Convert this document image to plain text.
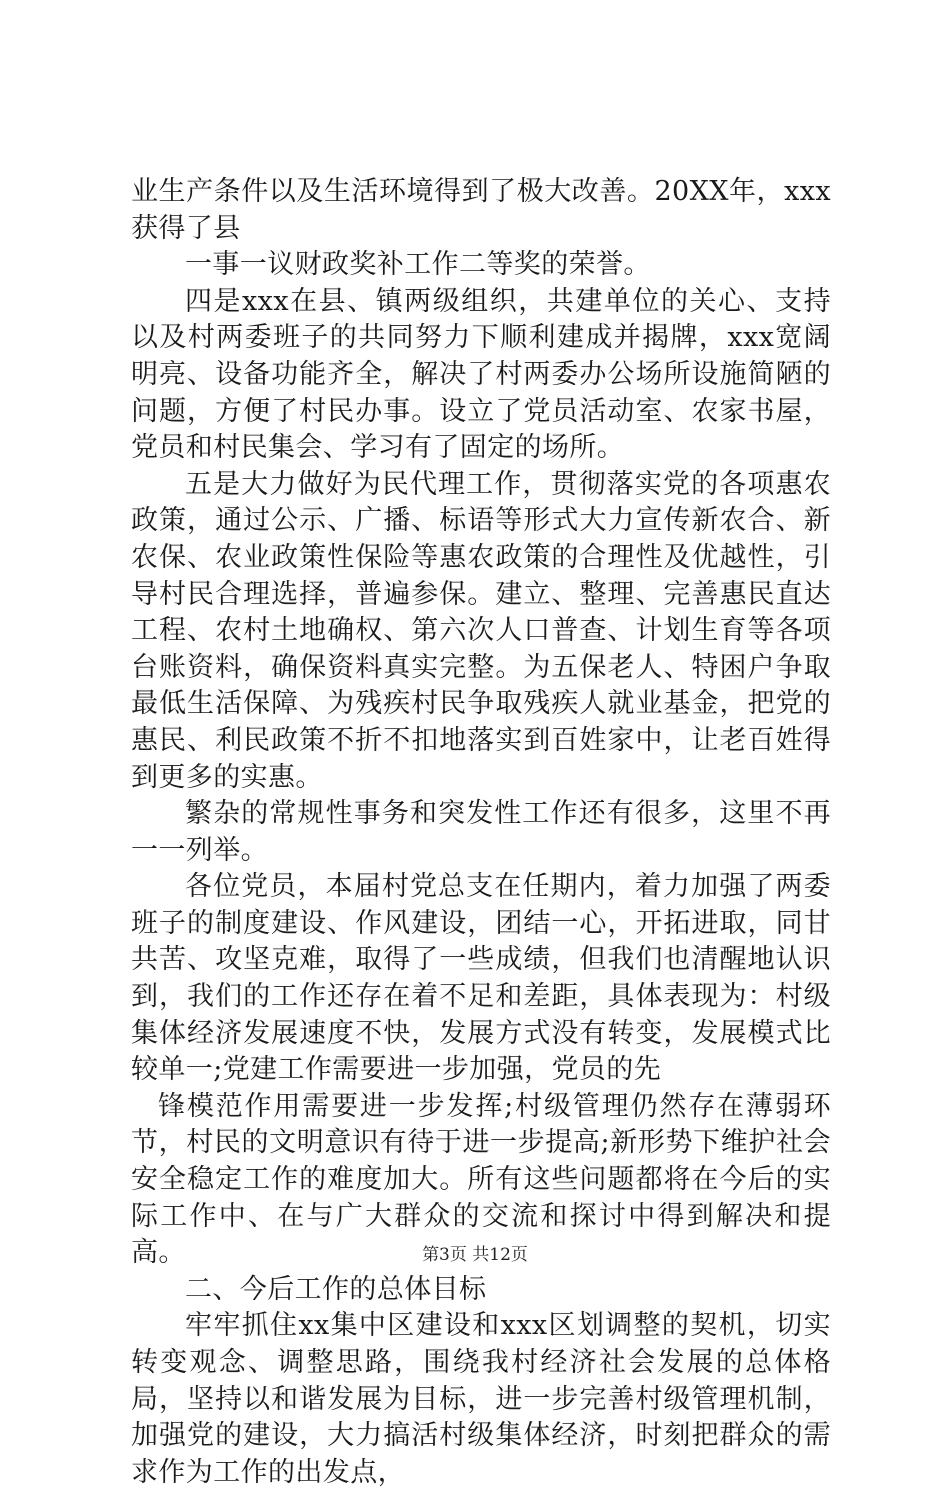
业生产条件以及生活环境得到了极大改善。20XX年，xxx获得了县

一事一议财政奖补工作二等奖的荣誉。

四是xxx在县、镇两级组织，共建单位的关心、支持以及村两委班子的共同努力下顺利建成并揭牌，xxx宽阔明亮、设备功能齐全，解决了村两委办公场所设施简陋的问题，方便了村民办事。设立了党员活动室、农家书屋，党员和村民集会、学习有了固定的场所。

五是大力做好为民代理工作，贯彻落实党的各项惠农政策，通过公示、广播、标语等形式大力宣传新农合、新农保、农业政策性保险等惠农政策的合理性及优越性，引导村民合理选择，普遍参保。建立、整理、完善惠民直达工程、农村土地确权、第六次人口普查、计划生育等各项台账资料，确保资料真实完整。为五保老人、特困户争取最低生活保障、为残疾村民争取残疾人就业基金，把党的惠民、利民政策不折不扣地落实到百姓家中，让老百姓得到更多的实惠。

繁杂的常规性事务和突发性工作还有很多，这里不再一一列举。

各位党员，本届村党总支在任期内，着力加强了两委班子的制度建设、作风建设，团结一心，开拓进取，同甘共苦、攻坚克难，取得了一些成绩，但我们也清醒地认识到，我们的工作还存在着不足和差距，具体表现为：村级集体经济发展速度不快，发展方式没有转变，发展模式比较单一;党建工作需要进一步加强，党员的先

锋模范作用需要进一步发挥;村级管理仍然存在薄弱环节，村民的文明意识有待于进一步提高;新形势下维护社会安全稳定工作的难度加大。所有这些问题都将在今后的实际工作中、在与广大群众的交流和探讨中得到解决和提高。

二、今后工作的总体目标

牢牢抓住xx集中区建设和xxx区划调整的契机，切实转变观念、调整思路，围绕我村经济社会发展的总体格局，坚持以和谐发展为目标，进一步完善村级管理机制，加强党的建设，大力搞活村级集体经济，时刻把群众的需求作为工作的出发点，

第3页 共12页
